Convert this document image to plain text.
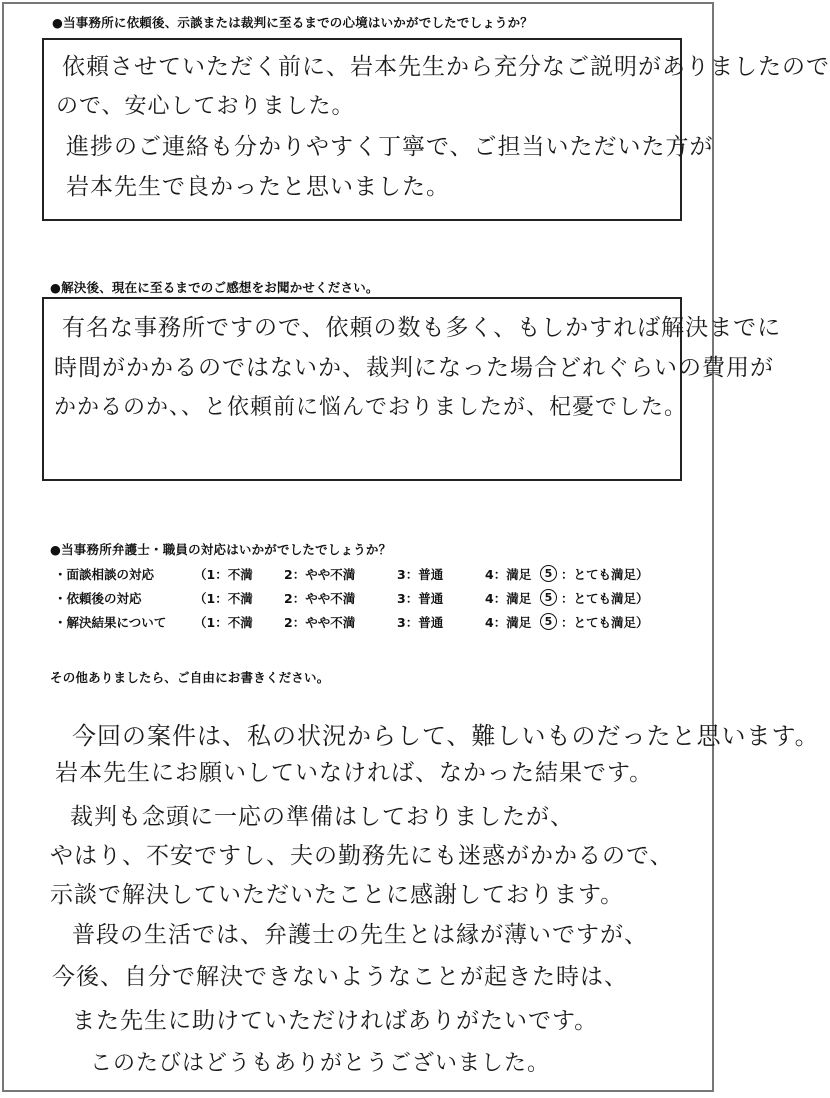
●当事務所に依頼後、示談または裁判に至るまでの心境はいかがでしたでしょうか？
依頼させていただく前に、岩本先生から充分なご説明がありましたので
ので、安心しておりました。
進捗のご連絡も分かりやすく丁寧で、ご担当いただいた方が
岩本先生で良かったと思いました。
●解決後、現在に至るまでのご感想をお聞かせください。
有名な事務所ですので、依頼の数も多く、もしかすれば解決までに
時間がかかるのではないか、裁判になった場合どれぐらいの費用が
かかるのか、、と依頼前に悩んでおりましたが、杞憂でした。
●当事務所弁護士・職員の対応はいかがでしたでしょうか？
・面談相談の対応	（1：不満	2：やや不満	3：普通	4：満足	5 ：とても満足）
・依頼後の対応	（1：不満	2：やや不満	3：普通	4：満足	5 ：とても満足）
・解決結果について （1：不満	2：やや不満	3：普通	4：満足	5 ：とても満足）
その他ありましたら、ご自由にお書きください。
今回の案件は、私の状況からして、難しいものだったと思います。
岩本先生にお願いしていなければ、なかった結果です。
裁判も念頭に一応の準備はしておりましたが、
やはり、不安ですし、夫の勤務先にも迷惑がかかるので、
示談で解決していただいたことに感謝しております。
普段の生活では、弁護士の先生とは縁が薄いですが、
今後、自分で解決できないようなことが起きた時は、
また先生に助けていただければありがたいです。
このたびはどうもありがとうございました。
